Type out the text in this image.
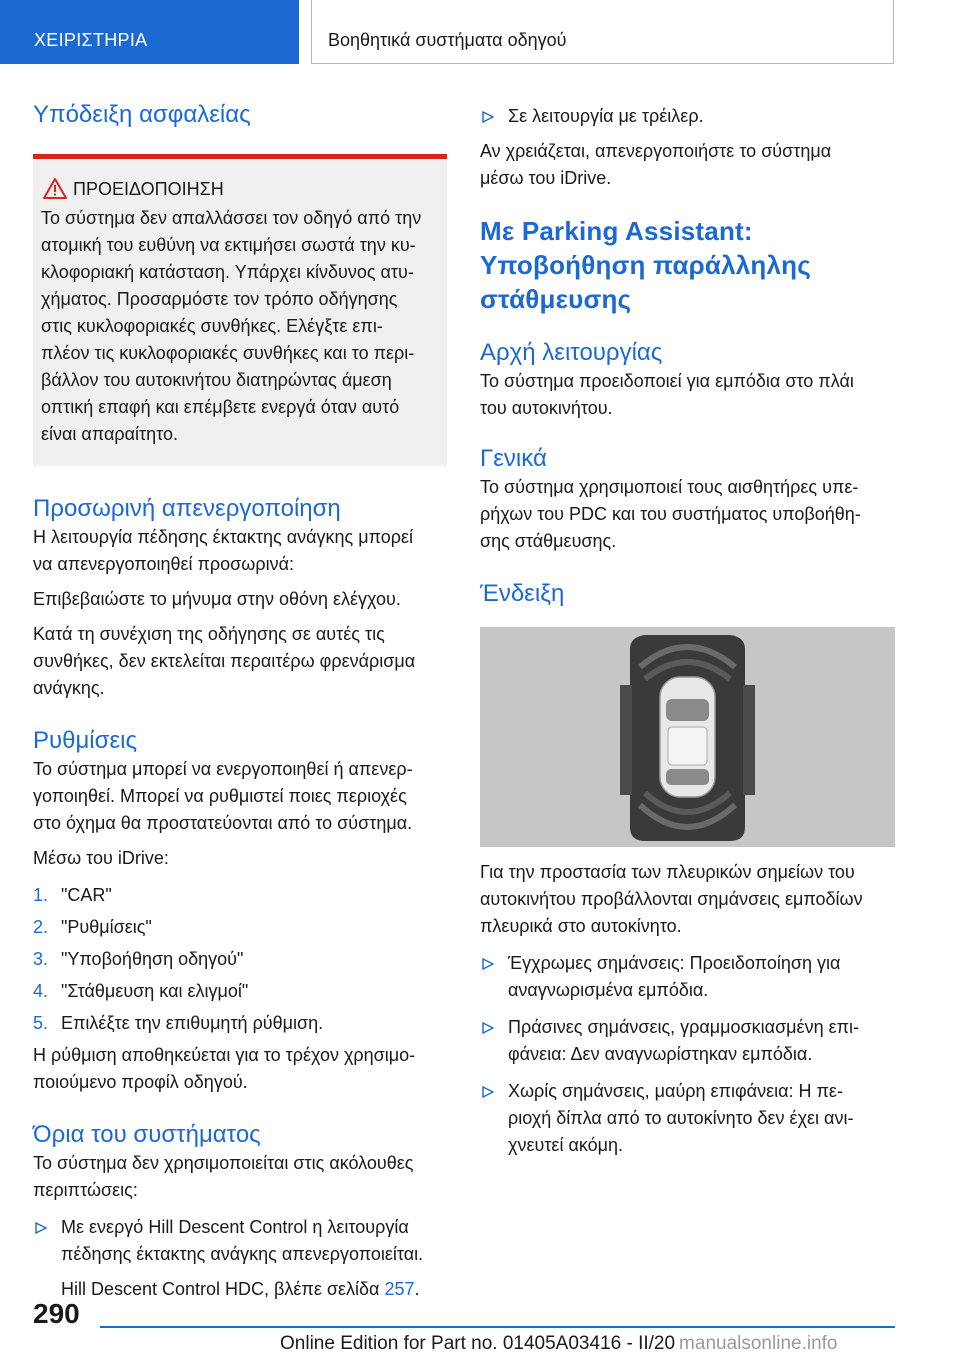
ΧΕΙΡΙΣΤΗΡΙΑ	Βοηθητικά συστήματα οδηγού
Υπόδειξη ασφαλείας
ΠΡΟΕΙΔΟΠΟΙΗΣΗ

Το σύστημα δεν απαλλάσσει τον οδηγό από την

ατομική του ευθύνη να εκτιμήσει σωστά την κυ-

κλοφοριακή κατάσταση. Υπάρχει κίνδυνος ατυ-

χήματος. Προσαρμόστε τον τρόπο οδήγησης

στις κυκλοφοριακές συνθήκες. Ελέγξτε επι-

πλέον τις κυκλοφοριακές συνθήκες και το περι-

βάλλον του αυτοκινήτου διατηρώντας άμεση

οπτική επαφή και επέμβετε ενεργά όταν αυτό

είναι απαραίτητο.

Προσωρινή απενεργοποίηση

Η λειτουργία πέδησης έκτακτης ανάγκης μπορεί

να απενεργοποιηθεί προσωρινά:

Επιβεβαιώστε το μήνυμα στην οθόνη ελέγχου.

Κατά τη συνέχιση της οδήγησης σε αυτές τις

συνθήκες, δεν εκτελείται περαιτέρω φρενάρισμα

ανάγκης.

Ρυθμίσεις

Το σύστημα μπορεί να ενεργοποιηθεί ή απενερ-

γοποιηθεί. Μπορεί να ρυθμιστεί ποιες περιοχές

στο όχημα θα προστατεύονται από το σύστημα.

Μέσω του iDrive:

1. "CAR"
2. "Ρυθμίσεις"
3. "Υποβοήθηση οδηγού"
4. "Στάθμευση και ελιγμοί"
5. Επιλέξτε την επιθυμητή ρύθμιση.

Η ρύθμιση αποθηκεύεται για το τρέχον χρησιμο-

ποιούμενο προφίλ οδηγού.

Όρια του συστήματος

Το σύστημα δεν χρησιμοποιείται στις ακόλουθες

περιπτώσεις:

Με ενεργό Hill Descent Control η λειτουργία
πέδησης έκτακτης ανάγκης απενεργοποιείται.
Hill Descent Control HDC, βλέπε σελίδα 257.
Σε λειτουργία με τρέιλερ.

Αν χρειάζεται, απενεργοποιήστε το σύστημα

μέσω του iDrive.

Με Parking Assistant:
Υποβοήθηση παράλληλης
στάθμευσης
Αρχή λειτουργίας

Το σύστημα προειδοποιεί για εμπόδια στο πλάι

του αυτοκινήτου.

Γενικά

Το σύστημα χρησιμοποιεί τους αισθητήρες υπε-

ρήχων του PDC και του συστήματος υποβοήθη-

σης στάθμευσης.

Ένδειξη

Για την προστασία των πλευρικών σημείων του

αυτοκινήτου προβάλλονται σημάνσεις εμποδίων

πλευρικά στο αυτοκίνητο.

Έγχρωμες σημάνσεις: Προειδοποίηση για
αναγνωρισμένα εμπόδια.
Πράσινες σημάνσεις, γραμμοσκιασμένη επι-
φάνεια: Δεν αναγνωρίστηκαν εμπόδια.
Χωρίς σημάνσεις, μαύρη επιφάνεια: Η πε-
ριοχή δίπλα από το αυτοκίνητο δεν έχει ανι-
χνευτεί ακόμη.
290
Online Edition for Part no. 01405A03416 - II/20 manualsonline.info
